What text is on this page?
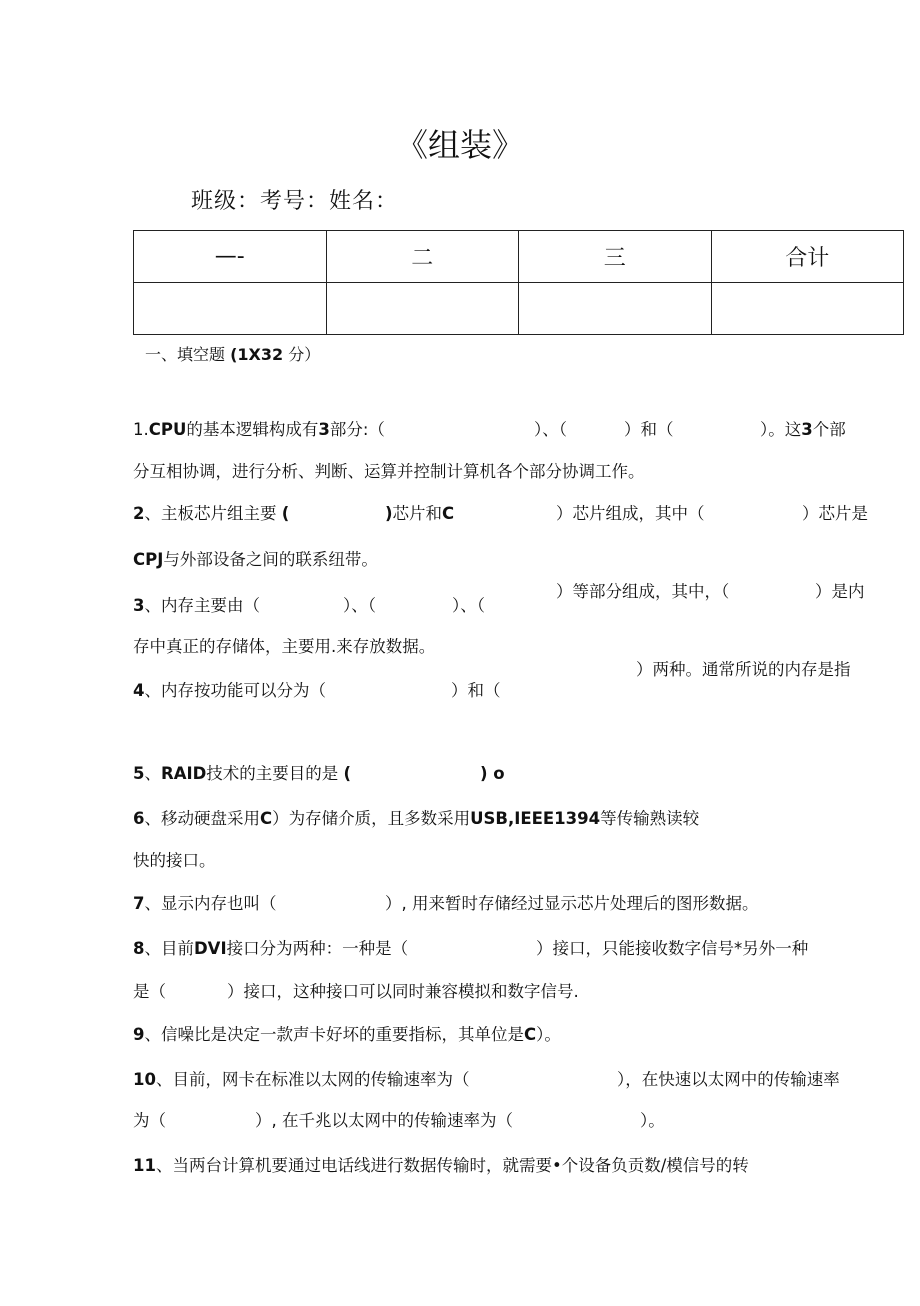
《组装》
班级：考号：姓名：
—-	二	三	合计

一、填空题 (1X32 分）
1.CPU的基本逻辑构成有3部分:（	）、（	）和（	）。这3个部
分互相协调，进行分析、判断、运算并控制计算机各个部分协调工作。
2、主板芯片组主要 (	)芯片和C	）芯片组成，其中（	）芯片是
CPJ与外部设备之间的联系纽带。
3、内存主要由（	）、（	）、（
）等部分组成，其中，（	）是内
存中真正的存储体，主要用.来存放数据。
4、内存按功能可以分为（	）和（
）两种。通常所说的内存是指
5、RAID技术的主要目的是 (	) o
6、移动硬盘采用C）为存储介质，且多数采用USB,IEEE1394等传输熟读较
快的接口。
7、显示内存也叫（	）, 用来暂时存储经过显示芯片处理后的图形数据。
8、目前DVI接口分为两种：一种是（	）接口，只能接收数字信号*另外一种
是（	）接口，这种接口可以同时兼容模拟和数字信号.
9、信噪比是决定一款声卡好坏的重要指标，其单位是C）。
10、目前，网卡在标准以太网的传输速率为（	），在快速以太网中的传输速率
为（	）, 在千兆以太网中的传输速率为（	）。
11、当两台计算机要通过电话线进行数据传输时，就需要•个设备负贡数/模信号的转
